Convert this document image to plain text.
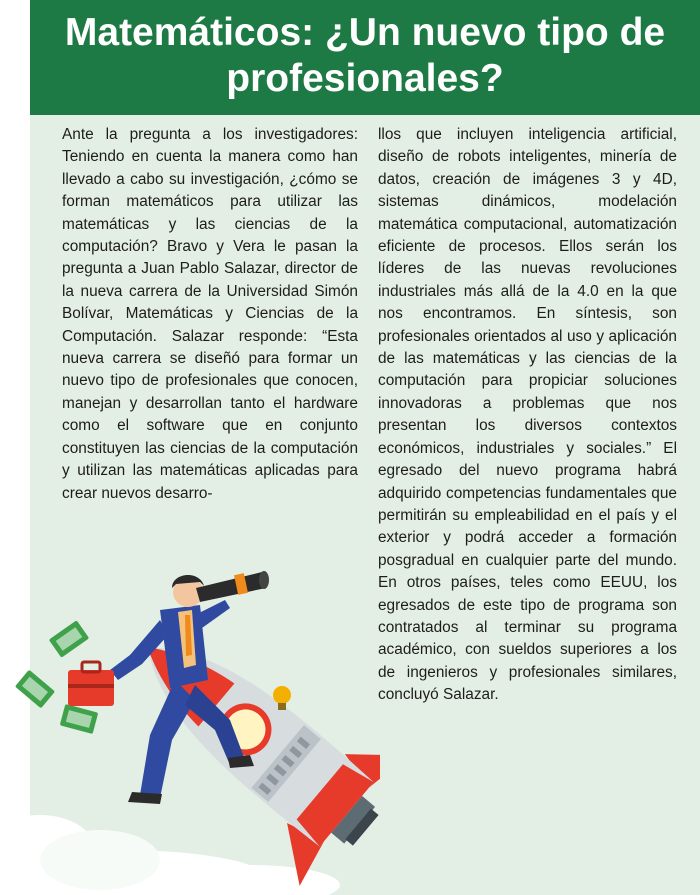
Matemáticos: ¿Un nuevo tipo de profesionales?

Ante la pregunta a los investigadores: Teniendo en cuenta la manera como han llevado a cabo su investigación, ¿cómo se forman matemáticos para utilizar las matemáticas y las ciencias de la computación? Bravo y Vera le pasan la pregunta a Juan Pablo Salazar, director de la nueva carrera de la Universidad Simón Bolívar, Matemáticas y Ciencias de la Computación. Salazar responde: “Esta nueva carrera se diseñó para formar un nuevo tipo de profesionales que conocen, manejan y desarrollan tanto el hardware como el software que en conjunto constituyen las ciencias de la computación y utilizan las matemáticas aplicadas para crear nuevos desarro-

llos que incluyen inteligencia artificial, diseño de robots inteligentes, minería de datos, creación de imágenes 3 y 4D, sistemas dinámicos, modelación matemática computacional, automatización eficiente de procesos. Ellos serán los líderes de las nuevas revoluciones industriales más allá de la 4.0 en la que nos encontramos. En síntesis, son profesionales orientados al uso y aplicación de las matemáticas y las ciencias de la computación para propiciar soluciones innovadoras a problemas que nos presentan los diversos contextos económicos, industriales y sociales.” El egresado del nuevo programa habrá adquirido competencias fundamentales que permitirán su empleabilidad en el país y el exterior y podrá acceder a formación posgradual en cualquier parte del mundo. En otros países, teles como EEUU, los egresados de este tipo de programa son contratados al terminar su programa académico, con sueldos superiores a los de ingenieros y profesionales similares, concluyó Salazar.
